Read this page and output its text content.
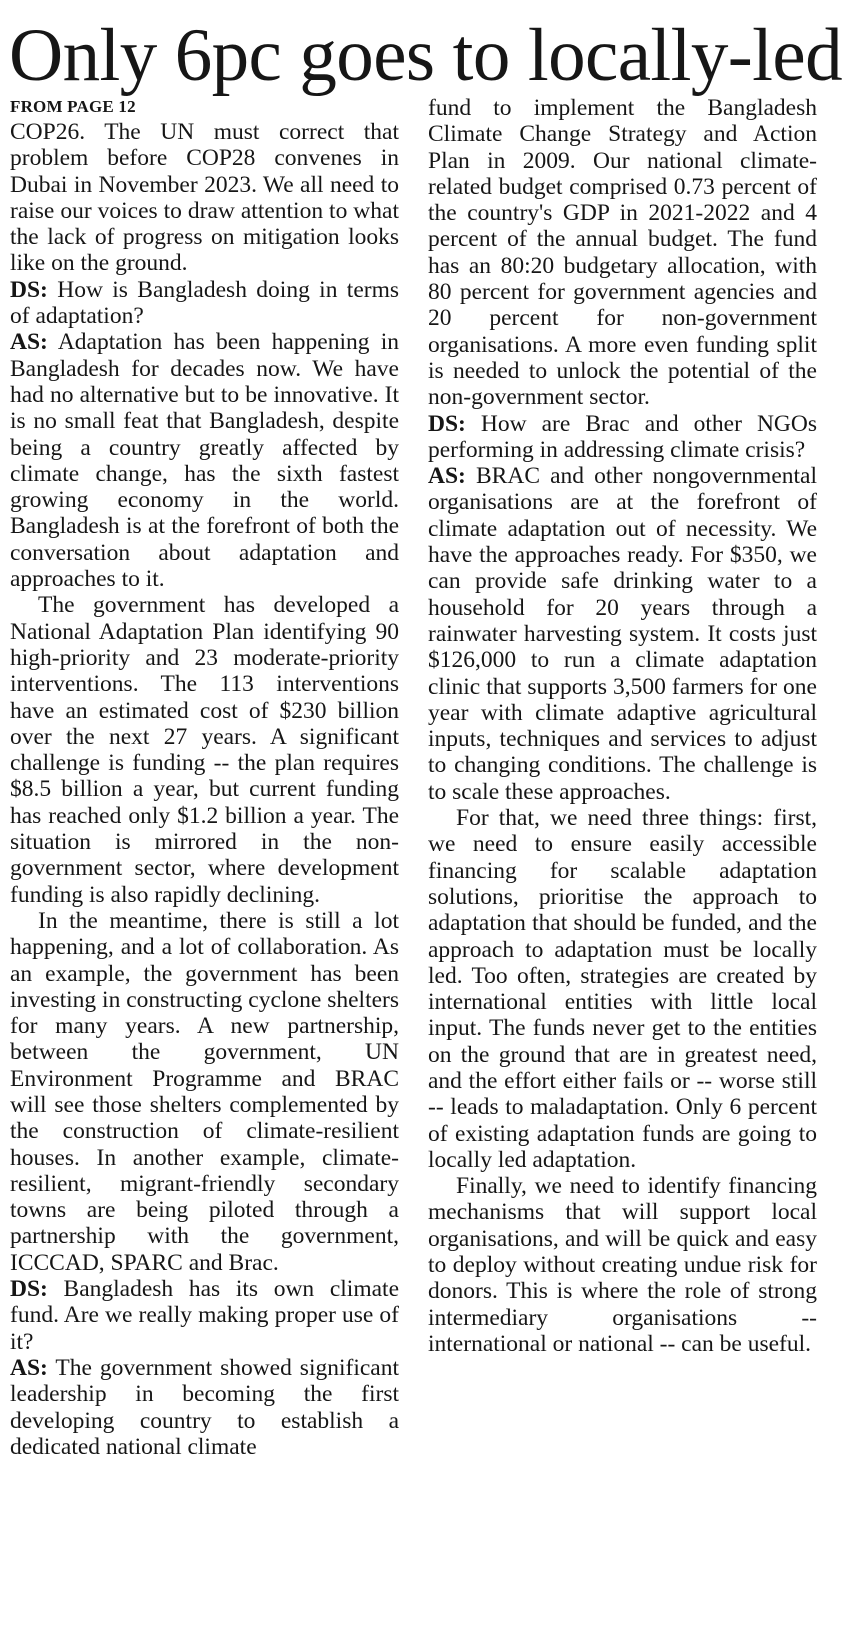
Only 6pc goes to locally-led

FROM PAGE 12

COP26. The UN must correct that problem before COP28 convenes in Dubai in November 2023. We all need to raise our voices to draw attention to what the lack of progress on mitigation looks like on the ground.

DS: How is Bangladesh doing in terms of adaptation?

AS: Adaptation has been happening in Bangladesh for decades now. We have had no alternative but to be innovative. It is no small feat that Bangladesh, despite being a country greatly affected by climate change, has the sixth fastest growing economy in the world. Bangladesh is at the forefront of both the conversation about adaptation and approaches to it.

The government has developed a National Adaptation Plan identifying 90 high-priority and 23 moderate-priority interventions. The 113 interventions have an estimated cost of $230 billion over the next 27 years. A significant challenge is funding -- the plan requires $8.5 billion a year, but current funding has reached only $1.2 billion a year. The situation is mirrored in the non-government sector, where development funding is also rapidly declining.

In the meantime, there is still a lot happening, and a lot of collaboration. As an example, the government has been investing in constructing cyclone shelters for many years. A new partnership, between the government, UN Environment Programme and BRAC will see those shelters complemented by the construction of climate-resilient houses. In another example, climate-resilient, migrant-friendly secondary towns are being piloted through a partnership with the government, ICCCAD, SPARC and Brac.

DS: Bangladesh has its own climate fund. Are we really making proper use of it?

AS: The government showed significant leadership in becoming the first developing country to establish a dedicated national climate

fund to implement the Bangladesh Climate Change Strategy and Action Plan in 2009. Our national climate-related budget comprised 0.73 percent of the country's GDP in 2021-2022 and 4 percent of the annual budget. The fund has an 80:20 budgetary allocation, with 80 percent for government agencies and 20 percent for non-government organisations. A more even funding split is needed to unlock the potential of the non-government sector.

DS: How are Brac and other NGOs performing in addressing climate crisis?

AS: BRAC and other nongovernmental organisations are at the forefront of climate adaptation out of necessity. We have the approaches ready. For $350, we can provide safe drinking water to a household for 20 years through a rainwater harvesting system. It costs just $126,000 to run a climate adaptation clinic that supports 3,500 farmers for one year with climate adaptive agricultural inputs, techniques and services to adjust to changing conditions. The challenge is to scale these approaches.

For that, we need three things: first, we need to ensure easily accessible financing for scalable adaptation solutions, prioritise the approach to adaptation that should be funded, and the approach to adaptation must be locally led. Too often, strategies are created by international entities with little local input. The funds never get to the entities on the ground that are in greatest need, and the effort either fails or -- worse still -- leads to maladaptation. Only 6 percent of existing adaptation funds are going to locally led adaptation.

Finally, we need to identify financing mechanisms that will support local organisations, and will be quick and easy to deploy without creating undue risk for donors. This is where the role of strong intermediary organisations -- international or national -- can be useful.
